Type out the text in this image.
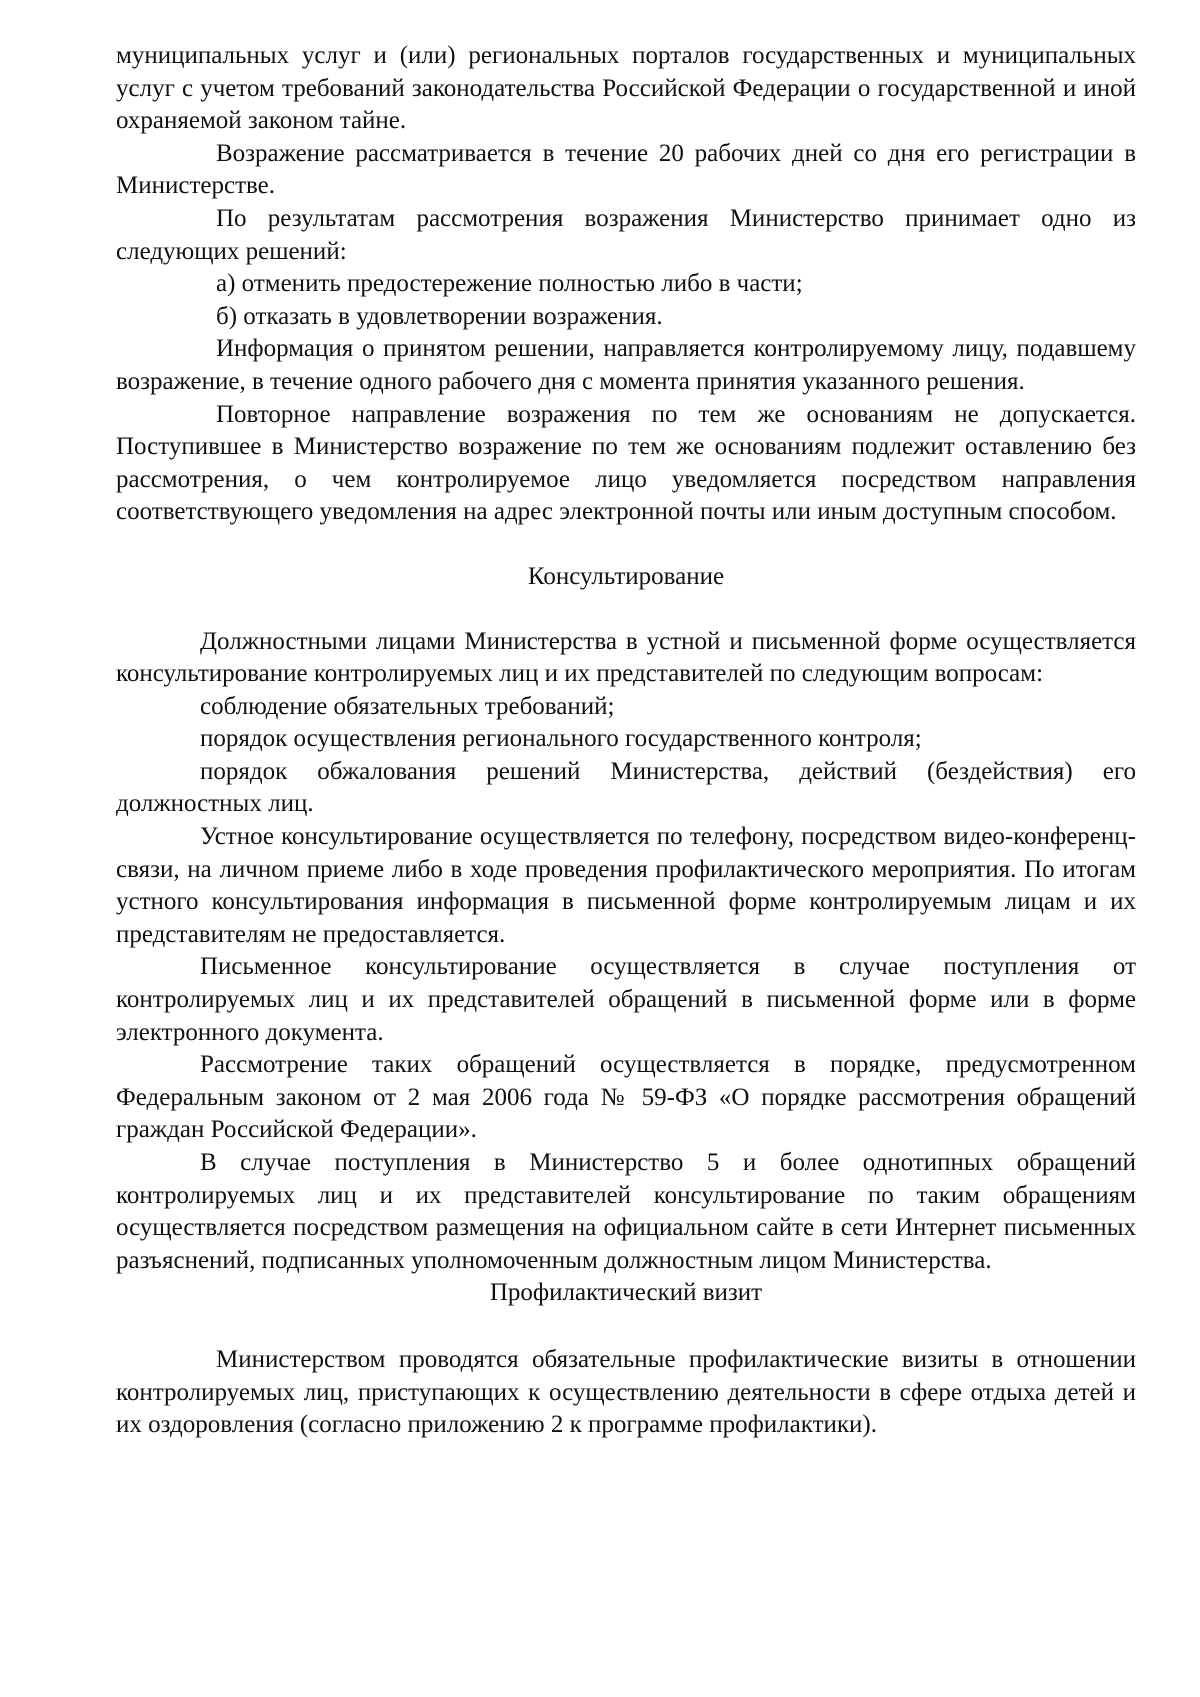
муниципальных услуг и (или) региональных порталов государственных и муниципальных услуг с учетом требований законодательства Российской Федерации о государственной и иной охраняемой законом тайне.

Возражение рассматривается в течение 20 рабочих дней со дня его регистрации в Министерстве.

По результатам рассмотрения возражения Министерство принимает одно из следующих решений:

а) отменить предостережение полностью либо в части;

б) отказать в удовлетворении возражения.

Информация о принятом решении, направляется контролируемому лицу, подавшему возражение, в течение одного рабочего дня с момента принятия указанного решения.

Повторное направление возражения по тем же основаниям не допускается. Поступившее в Министерство возражение по тем же основаниям подлежит оставлению без рассмотрения, о чем контролируемое лицо уведомляется посредством направления соответствующего уведомления на адрес электронной почты или иным доступным способом.

Консультирование

Должностными лицами Министерства в устной и письменной форме осуществляется консультирование контролируемых лиц и их представителей по следующим вопросам:

соблюдение обязательных требований;

порядок осуществления регионального государственного контроля;

порядок обжалования решений Министерства, действий (бездействия) его должностных лиц.

Устное консультирование осуществляется по телефону, посредством видео-конференц-связи, на личном приеме либо в ходе проведения профилактического мероприятия. По итогам устного консультирования информация в письменной форме контролируемым лицам и их представителям не предоставляется.

Письменное консультирование осуществляется в случае поступления от контролируемых лиц и их представителей обращений в письменной форме или в форме электронного документа.

Рассмотрение таких обращений осуществляется в порядке, предусмотренном Федеральным законом от 2 мая 2006 года № 59-ФЗ «О порядке рассмотрения обращений граждан Российской Федерации».

В случае поступления в Министерство 5 и более однотипных обращений контролируемых лиц и их представителей консультирование по таким обращениям осуществляется посредством размещения на официальном сайте в сети Интернет письменных разъяснений, подписанных уполномоченным должностным лицом Министерства.

Профилактический визит

Министерством проводятся обязательные профилактические визиты в отношении контролируемых лиц, приступающих к осуществлению деятельности в сфере отдыха детей и их оздоровления (согласно приложению 2 к программе профилактики).
